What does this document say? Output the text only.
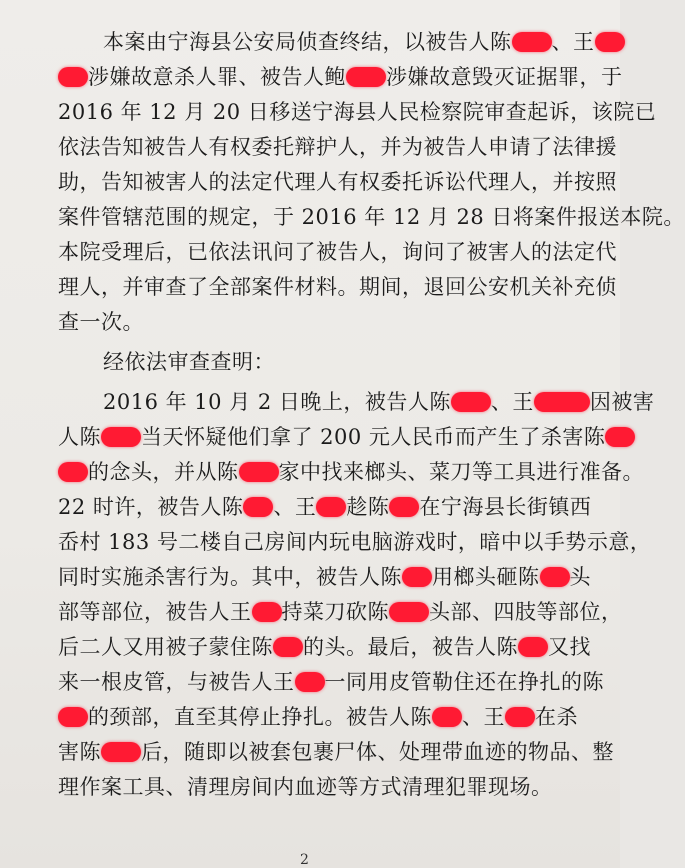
本案由宁海县公安局侦查终结，以被告人陈 、王
涉嫌故意杀人罪、被告人鲍 涉嫌故意毁灭证据罪，于
2016 年 12 月 20 日移送宁海县人民检察院审查起诉，该院已
依法告知被告人有权委托辩护人，并为被告人申请了法律援
助，告知被害人的法定代理人有权委托诉讼代理人，并按照
案件管辖范围的规定，于 2016 年 12 月 28 日将案件报送本院。
本院受理后，已依法讯问了被告人，询问了被害人的法定代
理人，并审查了全部案件材料。期间，退回公安机关补充侦
查一次。
经依法审查查明：
2016 年 10 月 2 日晚上，被告人陈 、王	因被害
人陈 当天怀疑他们拿了 200 元人民币而产生了杀害陈
的念头，并从陈 家中找来榔头、菜刀等工具进行准备。
22 时许，被告人陈 、王 趁陈 在宁海县长街镇西
岙村 183 号二楼自己房间内玩电脑游戏时，暗中以手势示意，
同时实施杀害行为。其中，被告人陈 用榔头砸陈 头
部等部位，被告人王 持菜刀砍陈 头部、四肢等部位，
后二人又用被子蒙住陈 的头。最后，被告人陈 又找
来一根皮管，与被告人王 一同用皮管勒住还在挣扎的陈
的颈部，直至其停止挣扎。被告人陈 、王 在杀
害陈 后，随即以被套包裹尸体、处理带血迹的物品、整
理作案工具、清理房间内血迹等方式清理犯罪现场。
2
